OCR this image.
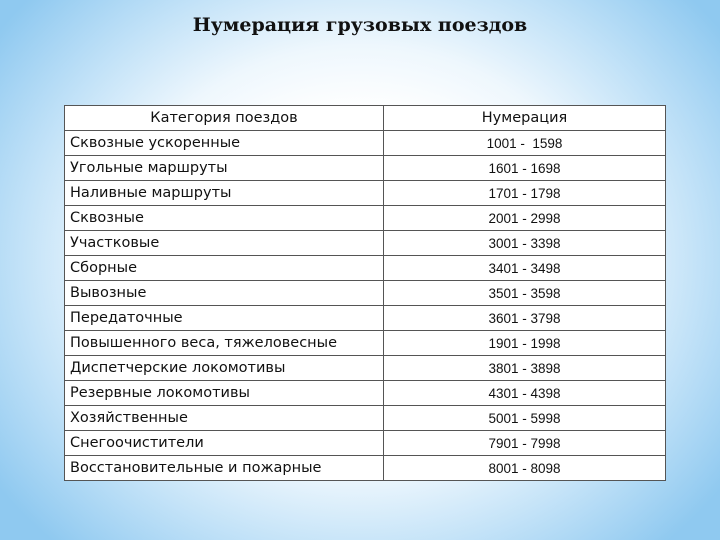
Нумерация грузовых поездов
Категория поездов	Нумерация
Сквозные ускоренные	1001 -  1598
Угольные маршруты	1601 - 1698
Наливные маршруты	1701 - 1798
Сквозные	2001 - 2998
Участковые	3001 - 3398
Сборные	3401 - 3498
Вывозные	3501 - 3598
Передаточные	3601 - 3798
Повышенного веса, тяжеловесные	1901 - 1998
Диспетчерские локомотивы	3801 - 3898
Резервные локомотивы	4301 - 4398
Хозяйственные	5001 - 5998
Снегоочистители	7901 - 7998
Восстановительные и пожарные	8001 - 8098
